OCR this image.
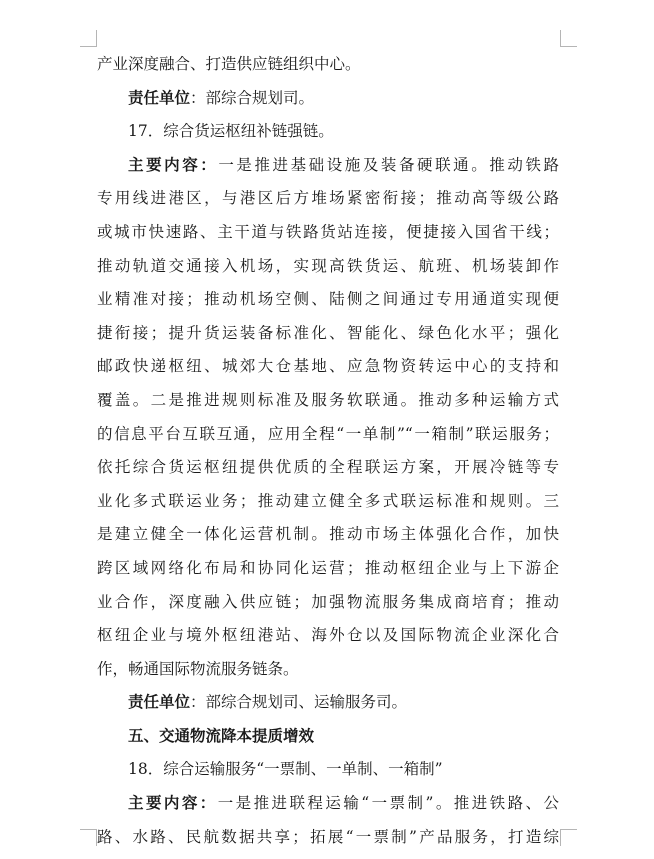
产业深度融合、打造供应链组织中心。
责任单位：部综合规划司。
17．综合货运枢纽补链强链。
主要内容：一是推进基础设施及装备硬联通。推动铁路
专用线进港区，与港区后方堆场紧密衔接；推动高等级公路
或城市快速路、主干道与铁路货站连接，便捷接入国省干线；
推动轨道交通接入机场，实现高铁货运、航班、机场装卸作
业精准对接；推动机场空侧、陆侧之间通过专用通道实现便
捷衔接；提升货运装备标准化、智能化、绿色化水平；强化
邮政快递枢纽、城郊大仓基地、应急物资转运中心的支持和
覆盖。二是推进规则标准及服务软联通。推动多种运输方式
的信息平台互联互通，应用全程“一单制”“一箱制”联运服务；
依托综合货运枢纽提供优质的全程联运方案，开展冷链等专
业化多式联运业务；推动建立健全多式联运标准和规则。三
是建立健全一体化运营机制。推动市场主体强化合作，加快
跨区域网络化布局和协同化运营；推动枢纽企业与上下游企
业合作，深度融入供应链；加强物流服务集成商培育；推动
枢纽企业与境外枢纽港站、海外仓以及国际物流企业深化合
作，畅通国际物流服务链条。
责任单位：部综合规划司、运输服务司。
五、交通物流降本提质增效
18．综合运输服务“一票制、一单制、一箱制”
主要内容：一是推进联程运输“一票制”。推进铁路、公
路、水路、民航数据共享；拓展“一票制”产品服务，打造综
